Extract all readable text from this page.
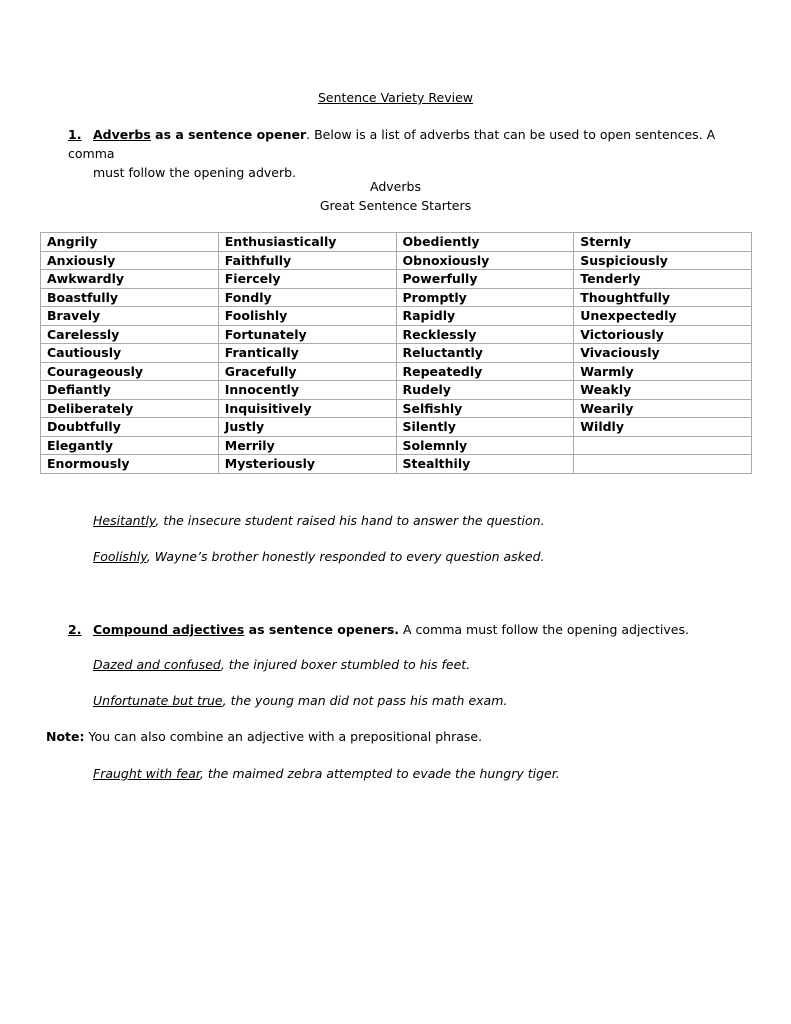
Sentence Variety Review
1. Adverbs as a sentence opener. Below is a list of adverbs that can be used to open sentences. A comma
must follow the opening adverb.
Adverbs
Great Sentence Starters
Angrily	Enthusiastically	Obediently	Sternly
Anxiously	Faithfully	Obnoxiously	Suspiciously
Awkwardly	Fiercely	Powerfully	Tenderly
Boastfully	Fondly	Promptly	Thoughtfully
Bravely	Foolishly	Rapidly	Unexpectedly
Carelessly	Fortunately	Recklessly	Victoriously
Cautiously	Frantically	Reluctantly	Vivaciously
Courageously	Gracefully	Repeatedly	Warmly
Defiantly	Innocently	Rudely	Weakly
Deliberately	Inquisitively	Selfishly	Wearily
Doubtfully	Justly	Silently	Wildly
Elegantly	Merrily	Solemnly	
Enormously	Mysteriously	Stealthily	
Hesitantly, the insecure student raised his hand to answer the question.
Foolishly, Wayne’s brother honestly responded to every question asked.
2. Compound adjectives as sentence openers. A comma must follow the opening adjectives.
Dazed and confused, the injured boxer stumbled to his feet.
Unfortunate but true, the young man did not pass his math exam.
Note: You can also combine an adjective with a prepositional phrase.
Fraught with fear, the maimed zebra attempted to evade the hungry tiger.
